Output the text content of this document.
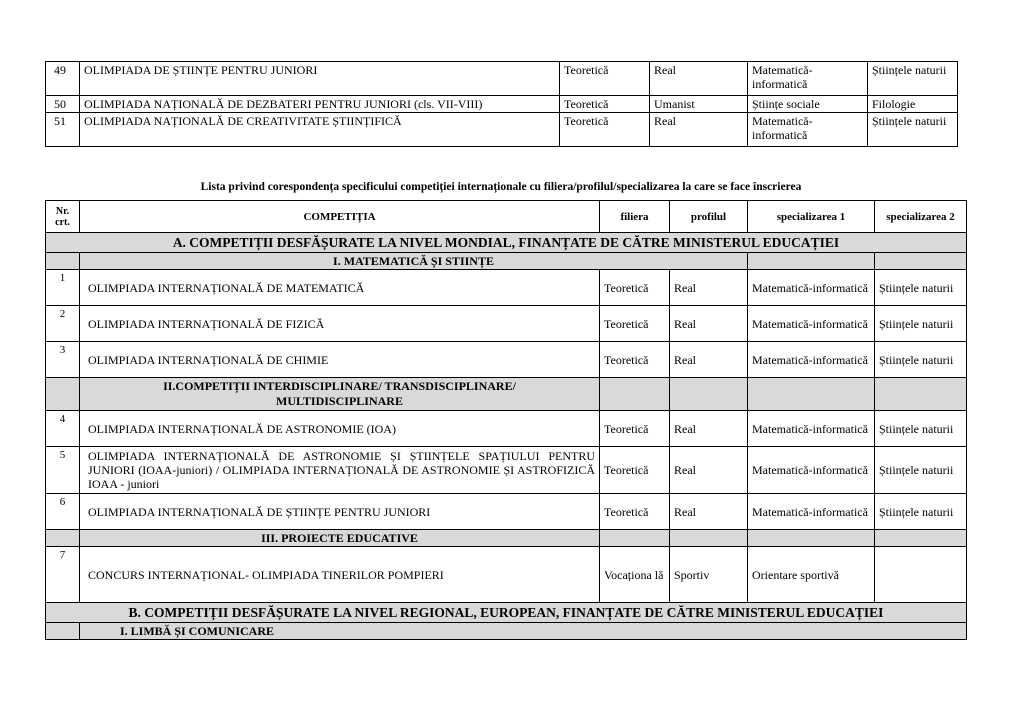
49	OLIMPIADA DE ȘTIINȚE PENTRU JUNIORI	Teoretică	Real	Matematică-informatică	Științele naturii
50	OLIMPIADA NAȚIONALĂ DE DEZBATERI PENTRU JUNIORI (cls. VII-VIII)	Teoretică	Umanist	Științe sociale	Filologie
51	OLIMPIADA NAȚIONALĂ DE CREATIVITATE ȘTIINȚIFICĂ	Teoretică	Real	Matematică-informatică	Științele naturii
Lista privind corespondența specificului competiției internaționale cu filiera/profilul/specializarea la care se face înscrierea
Nr. crt.	COMPETIȚIA	filiera	profilul	specializarea 1	specializarea 2
A. COMPETIȚII DESFĂȘURATE LA NIVEL MONDIAL, FINANȚATE DE CĂTRE MINISTERUL EDUCAȚIEI					
	I. MATEMATICĂ ȘI STIINȚE				
1	OLIMPIADA INTERNAȚIONALĂ DE MATEMATICĂ	Teoretică	Real	Matematică-informatică	Științele naturii
2	OLIMPIADA INTERNAȚIONALĂ DE FIZICĂ	Teoretică	Real	Matematică-informatică	Științele naturii
3	OLIMPIADA INTERNAȚIONALĂ DE CHIMIE	Teoretică	Real	Matematică-informatică	Științele naturii
	II.COMPETIȚII INTERDISCIPLINARE/ TRANSDISCIPLINARE/ MULTIDISCIPLINARE				
4	OLIMPIADA INTERNAȚIONALĂ DE ASTRONOMIE (IOA)	Teoretică	Real	Matematică-informatică	Științele naturii
5	OLIMPIADA INTERNAȚIONALĂ DE ASTRONOMIE ȘI ȘTIINȚELE SPAȚIULUI PENTRU JUNIORI (IOAA-juniori) / OLIMPIADA INTERNAȚIONALĂ DE ASTRONOMIE ȘI ASTROFIZICĂ IOAA - juniori	Teoretică	Real	Matematică-informatică	Științele naturii
6	OLIMPIADA INTERNAȚIONALĂ DE ȘTIINȚE PENTRU JUNIORI	Teoretică	Real	Matematică-informatică	Științele naturii
	III. PROIECTE EDUCATIVE				
7	CONCURS INTERNAȚIONAL- OLIMPIADA TINERILOR POMPIERI	Vocaționa lă	Sportiv	Orientare sportivă	
B. COMPETIȚII DESFĂȘURATE LA NIVEL REGIONAL, EUROPEAN, FINANȚATE DE CĂTRE MINISTERUL EDUCAȚIEI					
	I. LIMBĂ ȘI COMUNICARE				
